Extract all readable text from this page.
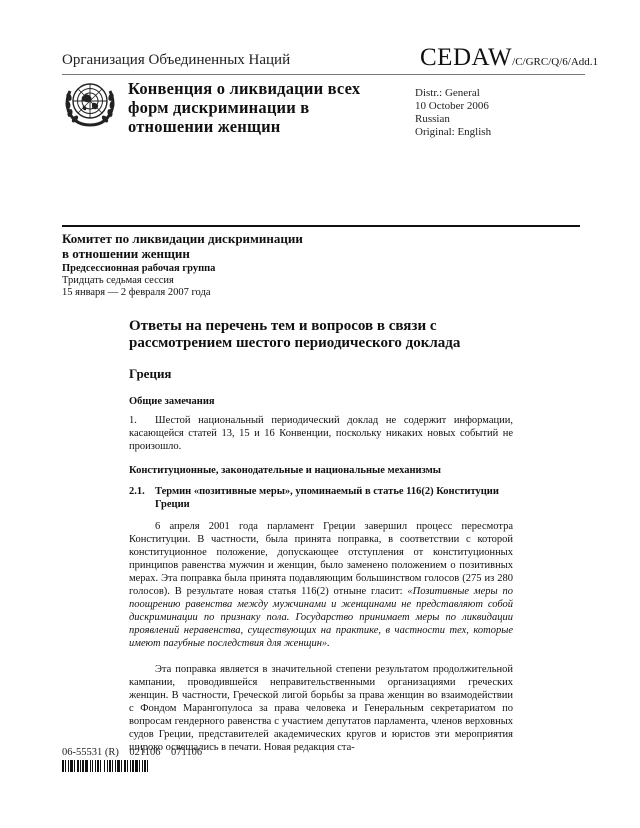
Организация Объединенных Наций	CEDAW/C/GRC/Q/6/Add.1
Конвенция о ликвидации всех
форм дискриминации в
отношении женщин
Distr.: General
10 October 2006
Russian
Original: English
Комитет по ликвидации дискриминации
в отношении женщин
Предсессионная рабочая группа
Тридцать седьмая сессия
15 января — 2 февраля 2007 года
Ответы на перечень тем и вопросов в связи с
рассмотрением шестого периодического доклада
Греция
Общие замечания

1. Шестой национальный периодический доклад не содержит информации, касающейся статей 13, 15 и 16 Конвенции, поскольку никаких новых событий не произошло.

Конституционные, законодательные и национальные механизмы
2.1. Термин «позитивные меры», упоминаемый в статье 116(2) Конституции Греции

6 апреля 2001 года парламент Греции завершил процесс пересмотра Конституции. В частности, была принята поправка, в соответствии с которой конституционное положение, допускающее отступления от конституционных принципов равенства мужчин и женщин, было заменено положением о позитивных мерах. Эта поправка была принята подавляющим большинством голосов (275 из 280 голосов). В результате новая статья 116(2) отныне гласит: «Позитивные меры по поощрению равенства между мужчинами и женщинами не представляют собой дискриминации по признаку пола. Государство принимает меры по ликвидации проявлений неравенства, существующих на практике, в частности тех, которые имеют пагубные последствия для женщин».

Эта поправка является в значительной степени результатом продолжительной кампании, проводившейся неправительственными организациями греческих женщин. В частности, Греческой лигой борьбы за права женщин во взаимодействии с Фондом Марангопулоса за права человека и Генеральным секретариатом по вопросам гендерного равенства с участием депутатов парламента, членов верховных судов Греции, представителей академических кругов и юристов эти мероприятия широко освещались в печати. Новая редакция ста-

06-55531 (R)    021106    071106
